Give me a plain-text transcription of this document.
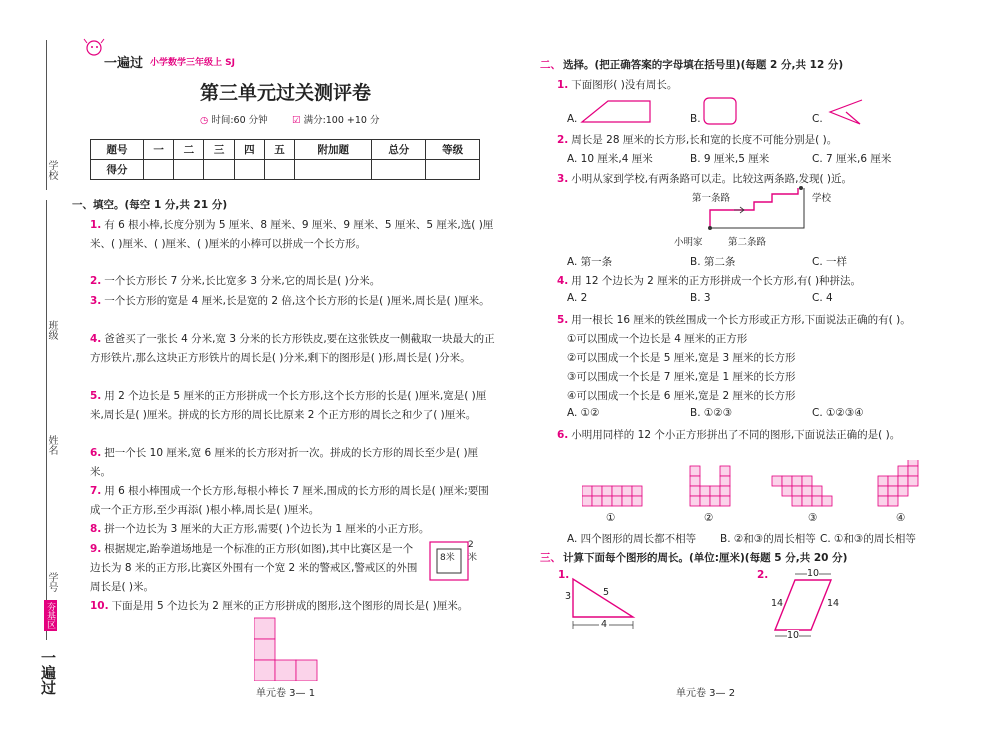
学校
班级
姓名
学号
夯基区
一遍过
一遍过 小学数学三年级上 SJ
第三单元过关测评卷
◷ 时间:60 分钟	☑ 满分:100 +10 分
题号	一	二	三	四	五	附加题	总分	等级
得分								
一、填空。(每空 1 分,共 21 分)
1. 有 6 根小棒,长度分别为 5 厘米、8 厘米、9 厘米、9 厘米、5 厘米、5 厘米,选( )厘米、( )厘米、( )厘米、( )厘米的小棒可以拼成一个长方形。
2. 一个长方形长 7 分米,长比宽多 3 分米,它的周长是( )分米。
3. 一个长方形的宽是 4 厘米,长是宽的 2 倍,这个长方形的长是( )厘米,周长是( )厘米。
4. 爸爸买了一张长 4 分米,宽 3 分米的长方形铁皮,要在这张铁皮一侧截取一块最大的正方形铁片,那么这块正方形铁片的周长是( )分米,剩下的图形是( )形,周长是( )分米。
5. 用 2 个边长是 5 厘米的正方形拼成一个长方形,这个长方形的长是( )厘米,宽是( )厘米,周长是( )厘米。拼成的长方形的周长比原来 2 个正方形的周长之和少了( )厘米。
6. 把一个长 10 厘米,宽 6 厘米的长方形对折一次。拼成的长方形的周长至少是( )厘米。
7. 用 6 根小棒围成一个长方形,每根小棒长 7 厘米,围成的长方形的周长是( )厘米;要围成一个正方形,至少再添( )根小棒,周长是( )厘米。
8. 拼一个边长为 3 厘米的大正方形,需要( )个边长为 1 厘米的小正方形。
9. 根据规定,跆拳道场地是一个标准的正方形(如图),其中比赛区是一个边长为 8 米的正方形,比赛区外围有一个宽 2 米的警戒区,警戒区的外围周长是( )米。
8米
2米
10. 下面是用 5 个边长为 2 厘米的正方形拼成的图形,这个图形的周长是( )厘米。
单元卷 3— 1
二、 选择。(把正确答案的字母填在括号里)(每题 2 分,共 12 分)
1. 下面图形( )没有周长。
A.	B.	C.
2. 周长是 28 厘米的长方形,长和宽的长度不可能分别是( )。
A. 10 厘米,4 厘米	B. 9 厘米,5 厘米	C. 7 厘米,6 厘米
3. 小明从家到学校,有两条路可以走。比较这两条路,发现( )近。
第一条路	学校
小明家	第二条路
A. 第一条	B. 第二条	C. 一样
4. 用 12 个边长为 2 厘米的正方形拼成一个长方形,有( )种拼法。
A. 2	B. 3	C. 4
5. 用一根长 16 厘米的铁丝围成一个长方形或正方形,下面说法正确的有( )。
①可以围成一个边长是 4 厘米的正方形
②可以围成一个长是 5 厘米,宽是 3 厘米的长方形
③可以围成一个长是 7 厘米,宽是 1 厘米的长方形
④可以围成一个长是 6 厘米,宽是 2 厘米的长方形
A. ①②	B. ①②③	C. ①②③④
6. 小明用同样的 12 个小正方形拼出了不同的图形,下面说法正确的是( )。
①	②	③	④
A. 四个图形的周长都不相等 B. ②和③的周长相等 C. ①和③的周长相等
三、 计算下面每个图形的周长。(单位:厘米)(每题 5 分,共 20 分)
1.
3	5
4
2.	10
14	14
10
单元卷 3— 2
